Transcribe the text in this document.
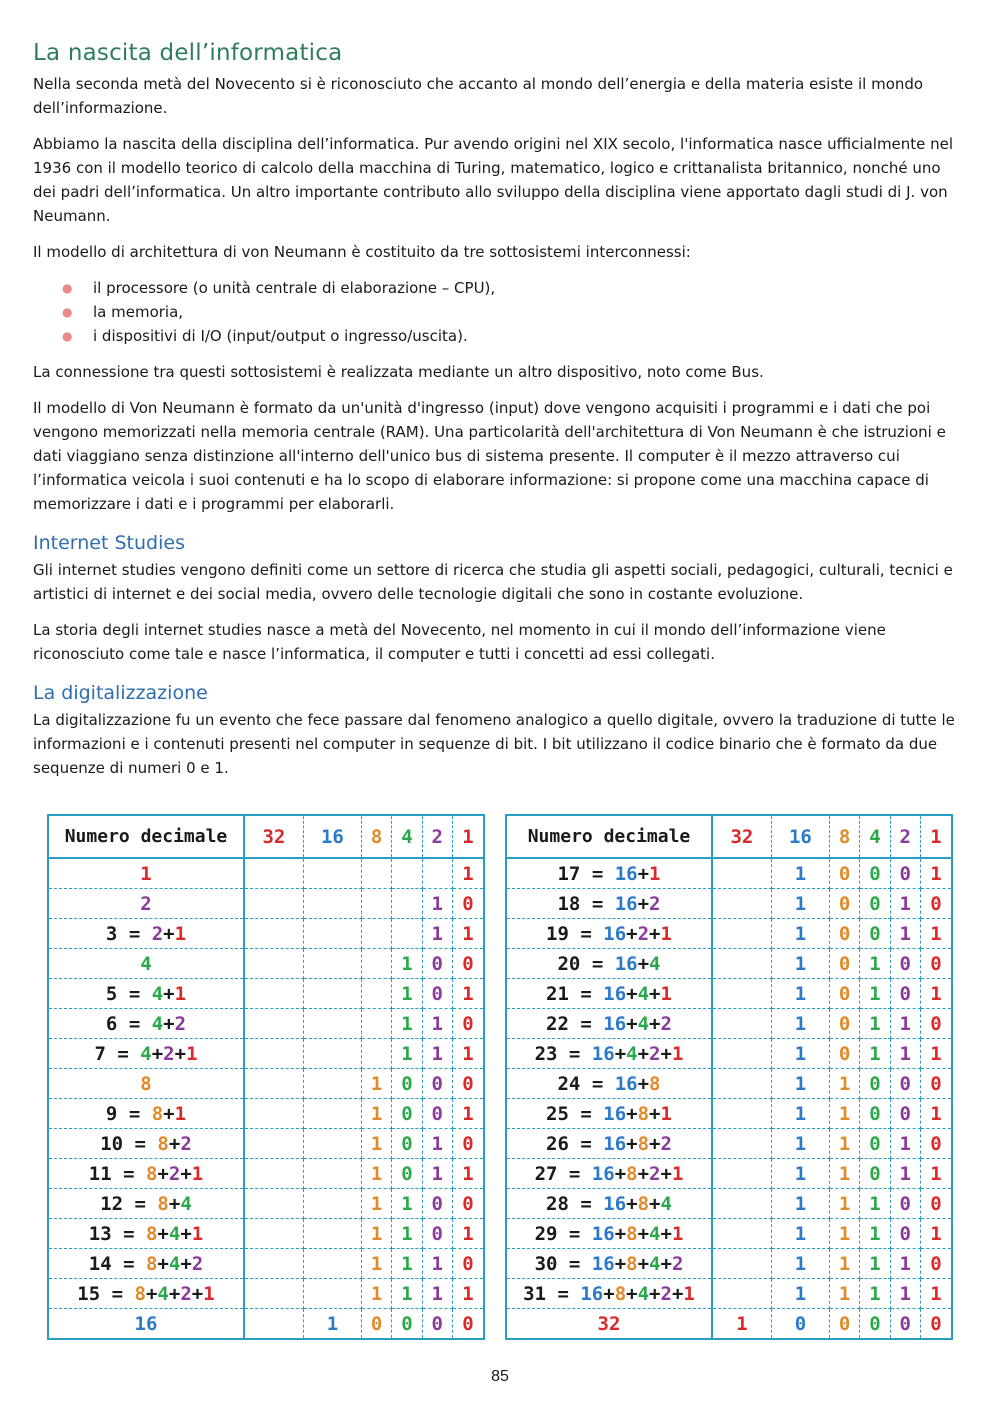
La nascita dell’informatica

Nella seconda metà del Novecento si è riconosciuto che accanto al mondo dell’energia e della materia esiste il mondo dell’informazione.

Abbiamo la nascita della disciplina dell’informatica. Pur avendo origini nel XIX secolo, l'informatica nasce ufficialmente nel 1936 con il modello teorico di calcolo della macchina di Turing, matematico, logico e crittanalista britannico, nonché uno dei padri dell’informatica. Un altro importante contributo allo sviluppo della disciplina viene apportato dagli studi di J. von Neumann.

Il modello di architettura di von Neumann è costituito da tre sottosistemi interconnessi:

● il processore (o unità centrale di elaborazione – CPU),
● la memoria,
● i dispositivi di I/O (input/output o ingresso/uscita).

La connessione tra questi sottosistemi è realizzata mediante un altro dispositivo, noto come Bus.

Il modello di Von Neumann è formato da un'unità d'ingresso (input) dove vengono acquisiti i programmi e i dati che poi vengono memorizzati nella memoria centrale (RAM). Una particolarità dell'architettura di Von Neumann è che istruzioni e dati viaggiano senza distinzione all'interno dell'unico bus di sistema presente. Il computer è il mezzo attraverso cui l’informatica veicola i suoi contenuti e ha lo scopo di elaborare informazione: si propone come una macchina capace di memorizzare i dati e i programmi per elaborarli.

Internet Studies

Gli internet studies vengono definiti come un settore di ricerca che studia gli aspetti sociali, pedagogici, culturali, tecnici e artistici di internet e dei social media, ovvero delle tecnologie digitali che sono in costante evoluzione.

La storia degli internet studies nasce a metà del Novecento, nel momento in cui il mondo dell’informazione viene riconosciuto come tale e nasce l’informatica, il computer e tutti i concetti ad essi collegati.

La digitalizzazione

La digitalizzazione fu un evento che fece passare dal fenomeno analogico a quello digitale, ovvero la traduzione di tutte le informazioni e i contenuti presenti nel computer in sequenze di bit. I bit utilizzano il codice binario che è formato da due sequenze di numeri 0 e 1.

Numero decimale	32	16	8	4	2	1
1						1
2					1	0
3 = 2+1					1	1
4				1	0	0
5 = 4+1				1	0	1
6 = 4+2				1	1	0
7 = 4+2+1				1	1	1
8			1	0	0	0
9 = 8+1			1	0	0	1
10 = 8+2			1	0	1	0
11 = 8+2+1			1	0	1	1
12 = 8+4			1	1	0	0
13 = 8+4+1			1	1	0	1
14 = 8+4+2			1	1	1	0
15 = 8+4+2+1			1	1	1	1
16		1	0	0	0	0
Numero decimale	32	16	8	4	2	1
17 = 16+1		1	0	0	0	1
18 = 16+2		1	0	0	1	0
19 = 16+2+1		1	0	0	1	1
20 = 16+4		1	0	1	0	0
21 = 16+4+1		1	0	1	0	1
22 = 16+4+2		1	0	1	1	0
23 = 16+4+2+1		1	0	1	1	1
24 = 16+8		1	1	0	0	0
25 = 16+8+1		1	1	0	0	1
26 = 16+8+2		1	1	0	1	0
27 = 16+8+2+1		1	1	0	1	1
28 = 16+8+4		1	1	1	0	0
29 = 16+8+4+1		1	1	1	0	1
30 = 16+8+4+2		1	1	1	1	0
31 = 16+8+4+2+1		1	1	1	1	1
32	1	0	0	0	0	0
85
